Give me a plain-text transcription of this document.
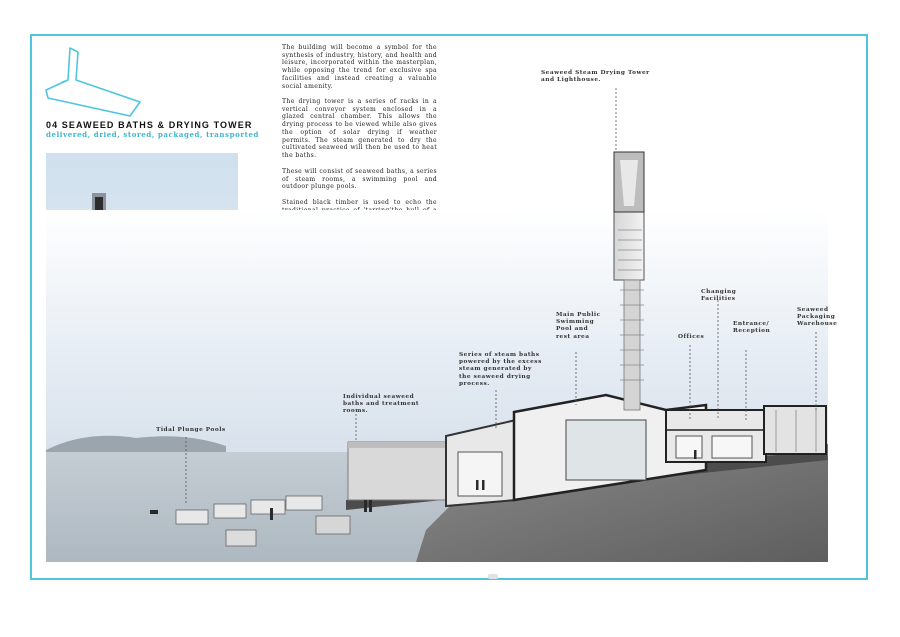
04 SEAWEED BATHS & DRYING TOWER
delivered, dried, stored, packaged, transported

The building will become a symbol for the synthesis of industry, history, and health and leisure, incorporated within the masterplan, while opposing the trend for exclusive spa facilities and instead creating a valuable social amenity.

The drying tower is a series of racks in a vertical conveyor system enclosed in a glazed central chamber. This allows the drying process to be viewed while also gives the option of solar drying if weather permits. The steam generated to dry the cultivated seaweed will then be used to heat the baths.

These will consist of seaweed baths, a series of steam rooms, a swimming pool and outdoor plunge pools.

Stained black timber is used to echo the

Seaweed Steam Drying Tower
and Lighthouse.
Tidal Plunge Pools
Individual seaweed
baths and treatment
rooms.
Series of steam baths
powered by the excess
steam generated by
the seaweed drying
process.
Main Public
Swimming
Pool and
rest area	Offices
Changing
Facilities
Entrance/
Reception
Seaweed
Packaging
Warehouse
